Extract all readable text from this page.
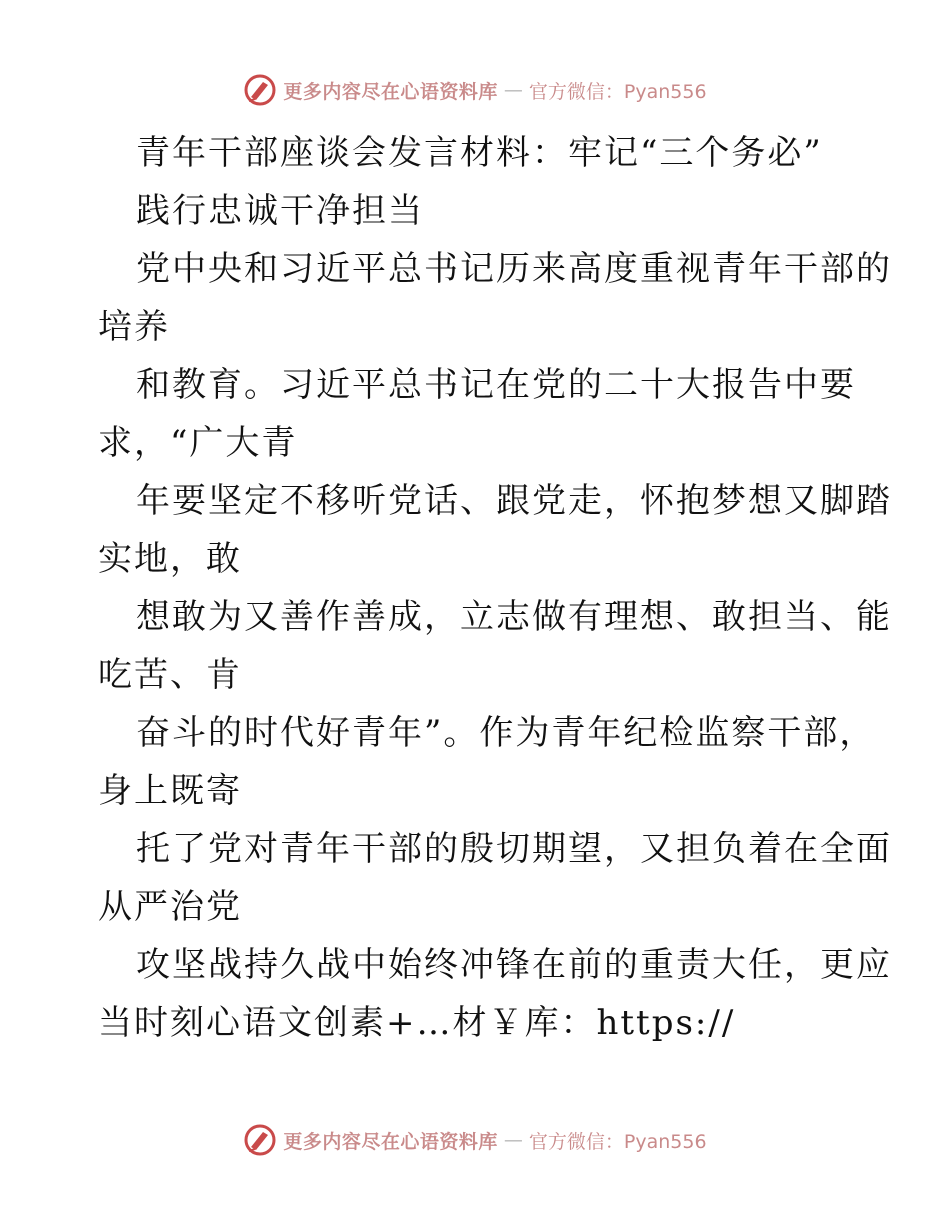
更多内容尽在心语资料库 — 官方微信：Pyan556
青年干部座谈会发言材料：牢记“三个务必”
践行忠诚干净担当
党中央和习近平总书记历来高度重视青年干部的
培养
和教育。习近平总书记在党的二十大报告中要
求，“广大青
年要坚定不移听党话、跟党走，怀抱梦想又脚踏
实地，敢
想敢为又善作善成，立志做有理想、敢担当、能
吃苦、肯
奋斗的时代好青年”。作为青年纪检监察干部，
身上既寄
托了党对青年干部的殷切期望，又担负着在全面
从严治党
攻坚战持久战中始终冲锋在前的重责大任，更应
当时刻心语文创素+…材￥库：https://
更多内容尽在心语资料库 — 官方微信：Pyan556
